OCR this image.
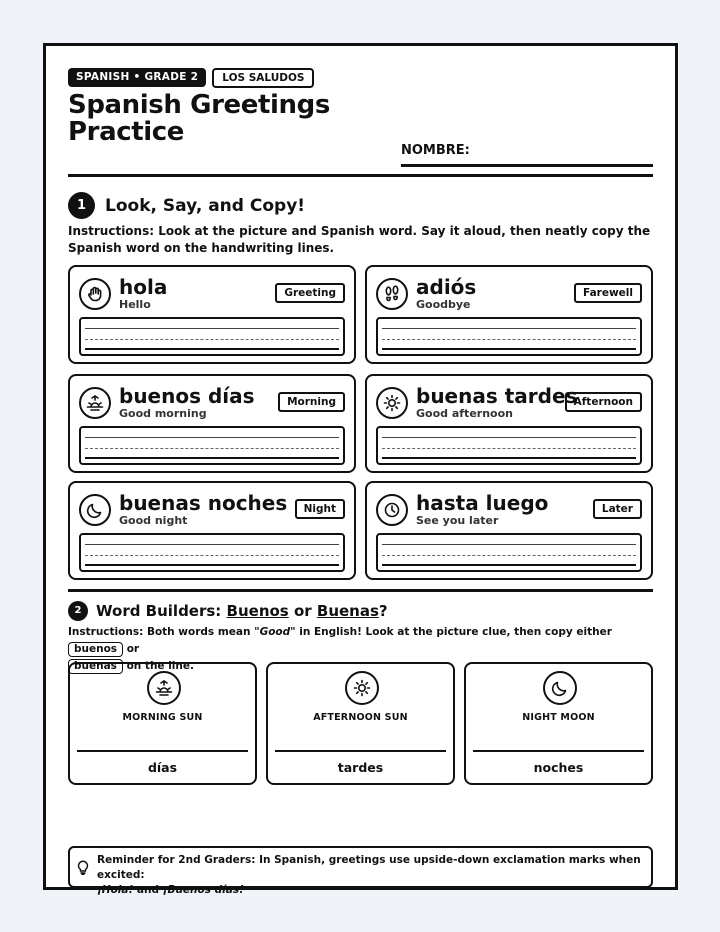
SPANISH • GRADE 2	LOS SALUDOS
Spanish Greetings
Practice
NOMBRE:
1	Look, Say, and Copy!
Instructions: Look at the picture and Spanish word. Say it aloud, then neatly copy the Spanish word on the handwriting lines.
hola
Hello
Greeting	adiós
Goodbye
Farewell
buenos días
Good morning
Morning	buenas tardes
Good afternoon
Afternoon
buenas noches
Good night
Night	hasta luego
See you later
Later
2 Word Builders: Buenos or Buenas?
Instructions: Both words mean "Good" in English! Look at the picture clue, then copy either buenos or
buenas on the line.
MORNING SUN
días
AFTERNOON SUN
tardes
NIGHT MOON
noches
Reminder for 2nd Graders: In Spanish, greetings use upside-down exclamation marks when excited:
¡Hola! and ¡Buenos días!
